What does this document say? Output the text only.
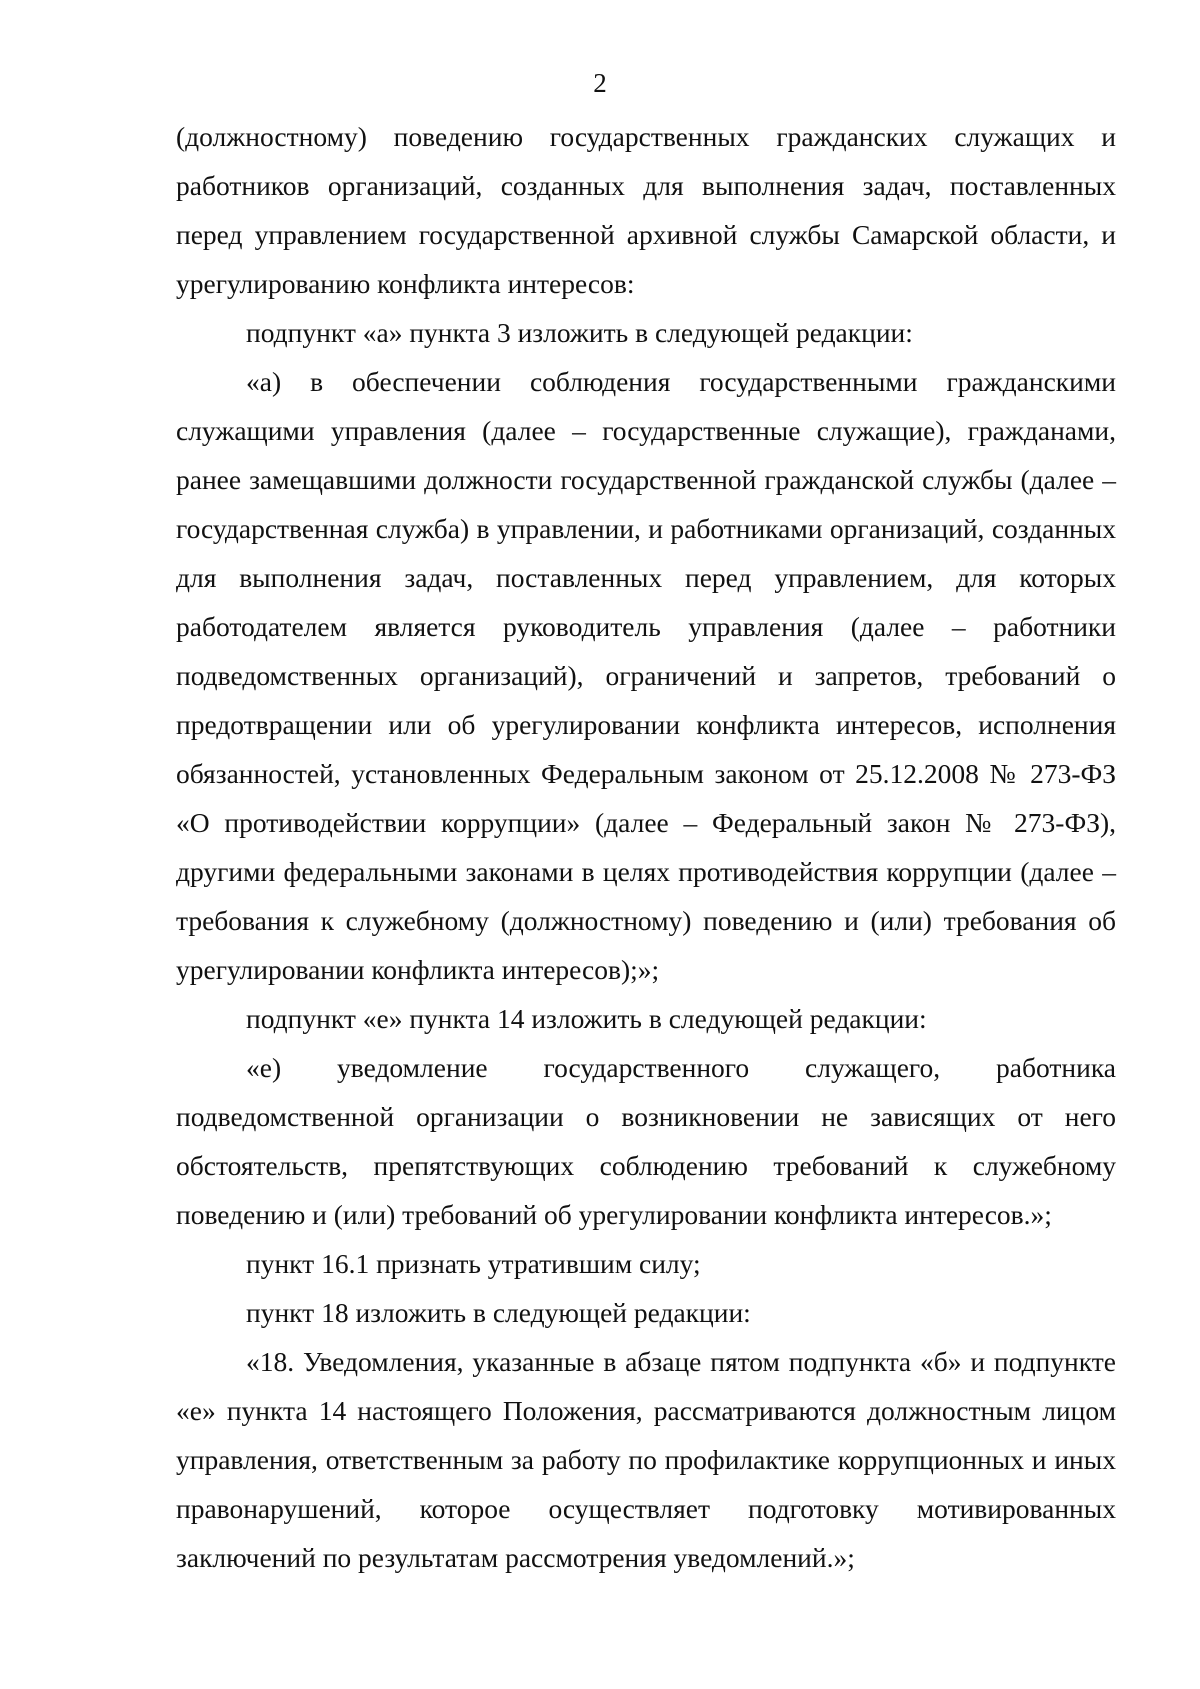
2

(должностному) поведению государственных гражданских служащих и работников организаций, созданных для выполнения задач, поставленных перед управлением государственной архивной службы Самарской области, и урегулированию конфликта интересов:

подпункт «а» пункта 3 изложить в следующей редакции:

«а) в обеспечении соблюдения государственными гражданскими служащими управления (далее – государственные служащие), гражданами, ранее замещавшими должности государственной гражданской службы (далее – государственная служба) в управлении, и работниками организаций, созданных для выполнения задач, поставленных перед управлением, для которых работодателем является руководитель управления (далее – работники подведомственных организаций), ограничений и запретов, требований о предотвращении или об урегулировании конфликта интересов, исполнения обязанностей, установленных Федеральным законом от 25.12.2008 № 273-ФЗ «О противодействии коррупции» (далее – Федеральный закон № 273-ФЗ), другими федеральными законами в целях противодействия коррупции (далее – требования к служебному (должностному) поведению и (или) требования об урегулировании конфликта интересов);»;

подпункт «е» пункта 14 изложить в следующей редакции:

«е) уведомление государственного служащего, работника подведомственной организации о возникновении не зависящих от него обстоятельств, препятствующих соблюдению требований к служебному поведению и (или) требований об урегулировании конфликта интересов.»;

пункт 16.1 признать утратившим силу;

пункт 18 изложить в следующей редакции:

«18. Уведомления, указанные в абзаце пятом подпункта «б» и подпункте «е» пункта 14 настоящего Положения, рассматриваются должностным лицом управления, ответственным за работу по профилактике коррупционных и иных правонарушений, которое осуществляет подготовку мотивированных заключений по результатам рассмотрения уведомлений.»;
